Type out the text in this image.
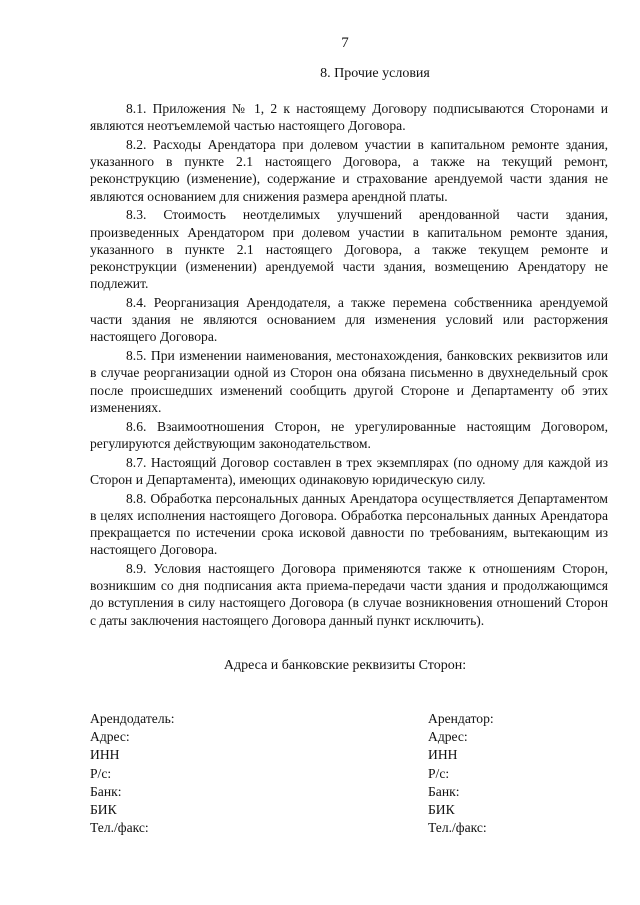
7
8. Прочие условия

8.1. Приложения № 1, 2 к настоящему Договору подписываются Сторонами и являются неотъемлемой частью настоящего Договора.

8.2. Расходы Арендатора при долевом участии в капитальном ремонте здания, указанного в пункте 2.1 настоящего Договора, а также на текущий ремонт, реконструкцию (изменение), содержание и страхование арендуемой части здания не являются основанием для снижения размера арендной платы.

8.3. Стоимость неотделимых улучшений арендованной части здания, произведенных Арендатором при долевом участии в капитальном ремонте здания, указанного в пункте 2.1 настоящего Договора, а также текущем ремонте и реконструкции (изменении) арендуемой части здания, возмещению Арендатору не подлежит.

8.4. Реорганизация Арендодателя, а также перемена собственника арендуемой части здания не являются основанием для изменения условий или расторжения настоящего Договора.

8.5. При изменении наименования, местонахождения, банковских реквизитов или в случае реорганизации одной из Сторон она обязана письменно в двухнедельный срок после происшедших изменений сообщить другой Стороне и Департаменту об этих изменениях.

8.6. Взаимоотношения Сторон, не урегулированные настоящим Договором, регулируются действующим законодательством.

8.7. Настоящий Договор составлен в трех экземплярах (по одному для каждой из Сторон и Департамента), имеющих одинаковую юридическую силу.

8.8. Обработка персональных данных Арендатора осуществляется Департаментом в целях исполнения настоящего Договора. Обработка персональных данных Арендатора прекращается по истечении срока исковой давности по требованиям, вытекающим из настоящего Договора.

8.9. Условия настоящего Договора применяются также к отношениям Сторон, возникшим со дня подписания акта приема-передачи части здания и продолжающимся до вступления в силу настоящего Договора (в случае возникновения отношений Сторон с даты заключения настоящего Договора данный пункт исключить).

Адреса и банковские реквизиты Сторон:
Арендодатель:
Адрес:
ИНН
Р/с:
Банк:
БИК
Тел./факс:
Арендатор:
Адрес:
ИНН
Р/с:
Банк:
БИК
Тел./факс:
